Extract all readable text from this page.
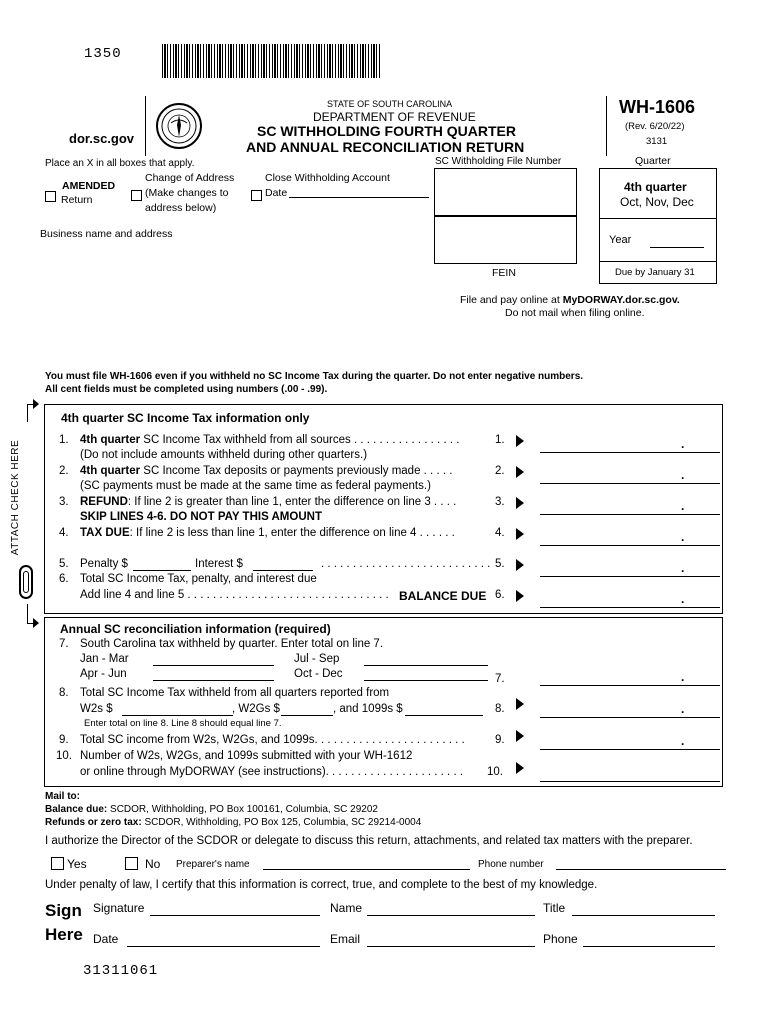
1350
dor.sc.gov
STATE OF SOUTH CAROLINA
DEPARTMENT OF REVENUE
SC WITHHOLDING FOURTH QUARTER
AND ANNUAL RECONCILIATION RETURN
WH-1606
(Rev. 6/20/22)
3131
Place an X in all boxes that apply.
AMENDED
Return
Change of Address
(Make changes to
address below)
Close Withholding Account
Date
SC Withholding File Number
FEIN
Quarter
4th quarter
Oct, Nov, Dec
Year
Due by January 31
Business name and address
File and pay online at MyDORWAY.dor.sc.gov.
Do not mail when filing online.
You must file WH-1606 even if you withheld no SC Income Tax during the quarter. Do not enter negative numbers.
All cent fields must be completed using numbers (.00 - .99).
ATTACH CHECK HERE
4th quarter SC Income Tax information only
1. 4th quarter SC Income Tax withheld from all sources . . . . . . . . . . . . . . . . .	1.	.
(Do not include amounts withheld during other quarters.)
2. 4th quarter SC Income Tax deposits or payments previously made . . . . .	2.	.
(SC payments must be made at the same time as federal payments.)
3. REFUND: If line 2 is greater than line 1, enter the difference on line 3 . . . .	3.	.
SKIP LINES 4-6. DO NOT PAY THIS AMOUNT
4. TAX DUE: If line 2 is less than line 1, enter the difference on line 4 . . . . . .	4.	.
5. Penalty $	Interest $	. . . . . . . . . . . . . . . . . . . . . . . . . . . 5.	.
6. Total SC Income Tax, penalty, and interest due
Add line 4 and line 5 . . . . . . . . . . . . . . . . . . . . . . . . . . . . . . . . BALANCE DUE 6.	.
Annual SC reconciliation information (required)
7. South Carolina tax withheld by quarter. Enter total on line 7.
Jan - Mar	Jul - Sep
Apr - Jun	Oct - Dec	7.	.
8. Total SC Income Tax withheld from all quarters reported from
W2s $	, W2Gs $	, and 1099s $	8.	.
Enter total on line 8. Line 8 should equal line 7.
9. Total SC income from W2s, W2Gs, and 1099s. . . . . . . . . . . . . . . . . . . . . . . .	9.	.
10. Number of W2s, W2Gs, and 1099s submitted with your WH-1612
or online through MyDORWAY (see instructions). . . . . . . . . . . . . . . . . . . . . . 10.
Mail to:
Balance due: SCDOR, Withholding, PO Box 100161, Columbia, SC 29202
Refunds or zero tax: SCDOR, Withholding, PO Box 125, Columbia, SC 29214-0004
I authorize the Director of the SCDOR or delegate to discuss this return, attachments, and related tax matters with the preparer.
Yes	No Preparer's name	Phone number
Under penalty of law, I certify that this information is correct, true, and complete to the best of my knowledge.
Sign
Here
Signature	Name	Title
Date	Email	Phone
31311061
